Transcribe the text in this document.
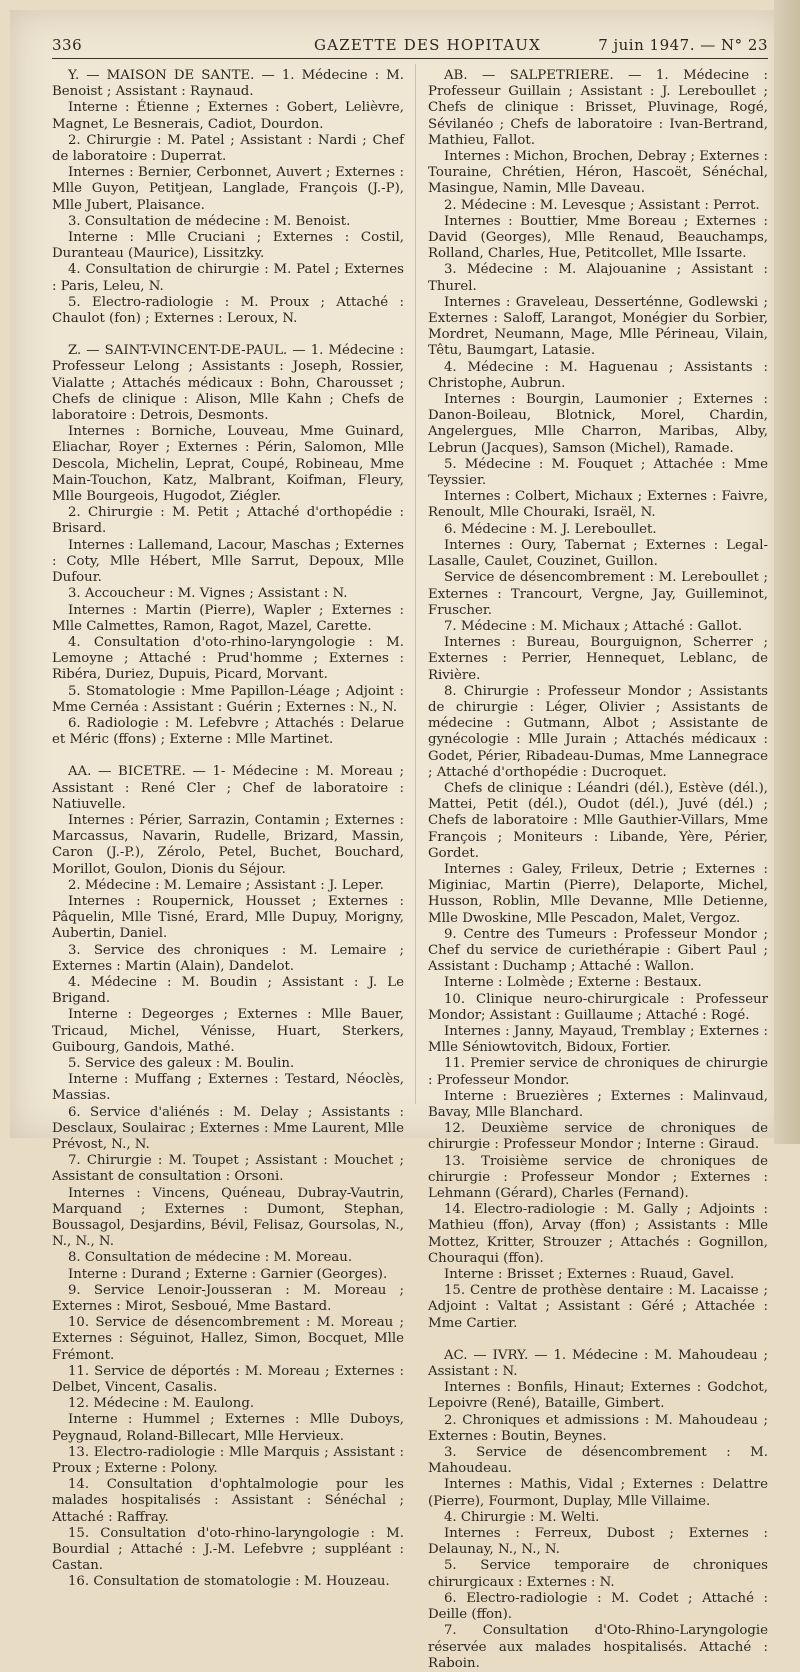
336	GAZETTE DES HOPITAUX	7 juin 1947. — N° 23

Y. — MAISON DE SANTE. — 1. Médecine : M. Benoist ; Assistant : Raynaud.

Interne : Étienne ; Externes : Gobert, Lelièvre, Magnet, Le Besnerais, Cadiot, Dourdon.

2. Chirurgie : M. Patel ; Assistant : Nardi ; Chef de laboratoire : Duperrat.

Internes : Bernier, Cerbonnet, Auvert ; Externes : Mlle Guyon, Petitjean, Langlade, François (J.-P), Mlle Jubert, Plaisance.

3. Consultation de médecine : M. Benoist.

Interne : Mlle Cruciani ; Externes : Costil, Duranteau (Maurice), Lissitzky.

4. Consultation de chirurgie : M. Patel ; Externes : Paris, Leleu, N.

5. Electro-radiologie : M. Proux ; Attaché : Chaulot (fon) ; Externes : Leroux, N.

Z. — SAINT-VINCENT-DE-PAUL. — 1. Médecine : Professeur Lelong ; Assistants : Joseph, Rossier, Vialatte ; Attachés médicaux : Bohn, Charousset ; Chefs de clinique : Alison, Mlle Kahn ; Chefs de laboratoire : Detrois, Desmonts.

Internes : Borniche, Louveau, Mme Guinard, Eliachar, Royer ; Externes : Périn, Salomon, Mlle Descola, Michelin, Leprat, Coupé, Robineau, Mme Main-Touchon, Katz, Malbrant, Koifman, Fleury, Mlle Bourgeois, Hugodot, Ziégler.

2. Chirurgie : M. Petit ; Attaché d'orthopédie : Brisard.

Internes : Lallemand, Lacour, Maschas ; Externes : Coty, Mlle Hébert, Mlle Sarrut, Depoux, Mlle Dufour.

3. Accoucheur : M. Vignes ; Assistant : N.

Internes : Martin (Pierre), Wapler ; Externes : Mlle Calmettes, Ramon, Ragot, Mazel, Carette.

4. Consultation d'oto-rhino-laryngologie : M. Lemoyne ; Attaché : Prud'homme ; Externes : Ribéra, Duriez, Dupuis, Picard, Morvant.

5. Stomatologie : Mme Papillon-Léage ; Adjoint : Mme Cernéa : Assistant : Guérin ; Externes : N., N.

6. Radiologie : M. Lefebvre ; Attachés : Delarue et Méric (ffons) ; Externe : Mlle Martinet.

AA. — BICETRE. — 1- Médecine : M. Moreau ; Assistant : René Cler ; Chef de laboratoire : Natiuvelle.

Internes : Périer, Sarrazin, Contamin ; Externes : Marcassus, Navarin, Rudelle, Brizard, Massin, Caron (J.-P.), Zérolo, Petel, Buchet, Bouchard, Morillot, Goulon, Dionis du Séjour.

2. Médecine : M. Lemaire ; Assistant : J. Leper.

Internes : Roupernick, Housset ; Externes : Pâquelin, Mlle Tisné, Erard, Mlle Dupuy, Morigny, Aubertin, Daniel.

3. Service des chroniques : M. Lemaire ; Externes : Martin (Alain), Dandelot.

4. Médecine : M. Boudin ; Assistant : J. Le Brigand.

Interne : Degeorges ; Externes : Mlle Bauer, Tricaud, Michel, Vénisse, Huart, Sterkers, Guibourg, Gandois, Mathé.

5. Service des galeux : M. Boulin.

Interne : Muffang ; Externes : Testard, Néoclès, Massias.

6. Service d'aliénés : M. Delay ; Assistants : Desclaux, Soulairac ; Externes : Mme Laurent, Mlle Prévost, N., N.

7. Chirurgie : M. Toupet ; Assistant : Mouchet ; Assistant de consultation : Orsoni.

Internes : Vincens, Quéneau, Dubray-Vautrin, Marquand ; Externes : Dumont, Stephan, Boussagol, Desjardins, Bévil, Felisaz, Goursolas, N., N., N., N.

8. Consultation de médecine : M. Moreau.

Interne : Durand ; Externe : Garnier (Georges).

9. Service Lenoir-Jousseran : M. Moreau ; Externes : Mirot, Sesboué, Mme Bastard.

10. Service de désencombrement : M. Moreau ; Externes : Séguinot, Hallez, Simon, Bocquet, Mlle Frémont.

11. Service de déportés : M. Moreau ; Externes : Delbet, Vincent, Casalis.

12. Médecine : M. Eaulong.

Interne : Hummel ; Externes : Mlle Duboys, Peygnaud, Roland-Billecart, Mlle Hervieux.

13. Electro-radiologie : Mlle Marquis ; Assistant : Proux ; Externe : Polony.

14. Consultation d'ophtalmologie pour les malades hospitalisés : Assistant : Sénéchal ; Attaché : Raffray.

15. Consultation d'oto-rhino-laryngologie : M. Bourdial ; Attaché : J.-M. Lefebvre ; suppléant : Castan.

16. Consultation de stomatologie : M. Houzeau.

AB. — SALPETRIERE. — 1. Médecine : Professeur Guillain ; Assistant : J. Lereboullet ; Chefs de clinique : Brisset, Pluvinage, Rogé, Sévilanéo ; Chefs de laboratoire : Ivan-Bertrand, Mathieu, Fallot.

Internes : Michon, Brochen, Debray ; Externes : Touraine, Chrétien, Héron, Hascoët, Sénéchal, Masingue, Namin, Mlle Daveau.

2. Médecine : M. Levesque ; Assistant : Perrot.

Internes : Bouttier, Mme Boreau ; Externes : David (Georges), Mlle Renaud, Beauchamps, Rolland, Charles, Hue, Petitcollet, Mlle Issarte.

3. Médecine : M. Alajouanine ; Assistant : Thurel.

Internes : Graveleau, Desserténne, Godlewski ; Externes : Saloff, Larangot, Monégier du Sorbier, Mordret, Neumann, Mage, Mlle Périneau, Vilain, Têtu, Baumgart, Latasie.

4. Médecine : M. Haguenau ; Assistants : Christophe, Aubrun.

Internes : Bourgin, Laumonier ; Externes : Danon-Boileau, Blotnick, Morel, Chardin, Angelergues, Mlle Charron, Maribas, Alby, Lebrun (Jacques), Samson (Michel), Ramade.

5. Médecine : M. Fouquet ; Attachée : Mme Teyssier.

Internes : Colbert, Michaux ; Externes : Faivre, Renoult, Mlle Chouraki, Israël, N.

6. Médecine : M. J. Lereboullet.

Internes : Oury, Tabernat ; Externes : Legal-Lasalle, Caulet, Couzinet, Guillon.

Service de désencombrement : M. Lereboullet ; Externes : Trancourt, Vergne, Jay, Guilleminot, Fruscher.

7. Médecine : M. Michaux ; Attaché : Gallot.

Internes : Bureau, Bourguignon, Scherrer ; Externes : Perrier, Hennequet, Leblanc, de Rivière.

8. Chirurgie : Professeur Mondor ; Assistants de chirurgie : Léger, Olivier ; Assistants de médecine : Gutmann, Albot ; Assistante de gynécologie : Mlle Jurain ; Attachés médicaux : Godet, Périer, Ribadeau-Dumas, Mme Lannegrace ; Attaché d'orthopédie : Ducroquet.

Chefs de clinique : Léandri (dél.), Estève (dél.), Mattei, Petit (dél.), Oudot (dél.), Juvé (dél.) ; Chefs de laboratoire : Mlle Gauthier-Villars, Mme François ; Moniteurs : Libande, Yère, Périer, Gordet.

Internes : Galey, Frileux, Detrie ; Externes : Miginiac, Martin (Pierre), Delaporte, Michel, Husson, Roblin, Mlle Devanne, Mlle Detienne, Mlle Dwoskine, Mlle Pescadon, Malet, Vergoz.

9. Centre des Tumeurs : Professeur Mondor ; Chef du service de curiethérapie : Gibert Paul ; Assistant : Duchamp ; Attaché : Wallon.

Interne : Lolmède ; Externe : Bestaux.

10. Clinique neuro-chirurgicale : Professeur Mondor; Assistant : Guillaume ; Attaché : Rogé.

Internes : Janny, Mayaud, Tremblay ; Externes : Mlle Séniowtovitch, Bidoux, Fortier.

11. Premier service de chroniques de chirurgie : Professeur Mondor.

Interne : Bruezières ; Externes : Malinvaud, Bavay, Mlle Blanchard.

12. Deuxième service de chroniques de chirurgie : Professeur Mondor ; Interne : Giraud.

13. Troisième service de chroniques de chirurgie : Professeur Mondor ; Externes : Lehmann (Gérard), Charles (Fernand).

14. Electro-radiologie : M. Gally ; Adjoints : Mathieu (ffon), Arvay (ffon) ; Assistants : Mlle Mottez, Kritter, Strouzer ; Attachés : Gognillon, Chouraqui (ffon).

Interne : Brisset ; Externes : Ruaud, Gavel.

15. Centre de prothèse dentaire : M. Lacaisse ; Adjoint : Valtat ; Assistant : Géré ; Attachée : Mme Cartier.

AC. — IVRY. — 1. Médecine : M. Mahoudeau ; Assistant : N.

Internes : Bonfils, Hinaut; Externes : Godchot, Lepoivre (René), Bataille, Gimbert.

2. Chroniques et admissions : M. Mahoudeau ; Externes : Boutin, Beynes.

3. Service de désencombrement : M. Mahoudeau.

Internes : Mathis, Vidal ; Externes : Delattre (Pierre), Fourmont, Duplay, Mlle Villaime.

4. Chirurgie : M. Welti.

Internes : Ferreux, Dubost ; Externes : Delaunay, N., N., N.

5. Service temporaire de chroniques chirurgicaux : Externes : N.

6. Electro-radiologie : M. Codet ; Attaché : Deille (ffon).

7. Consultation d'Oto-Rhino-Laryngologie réservée aux malades hospitalisés. Attaché : Raboin.
